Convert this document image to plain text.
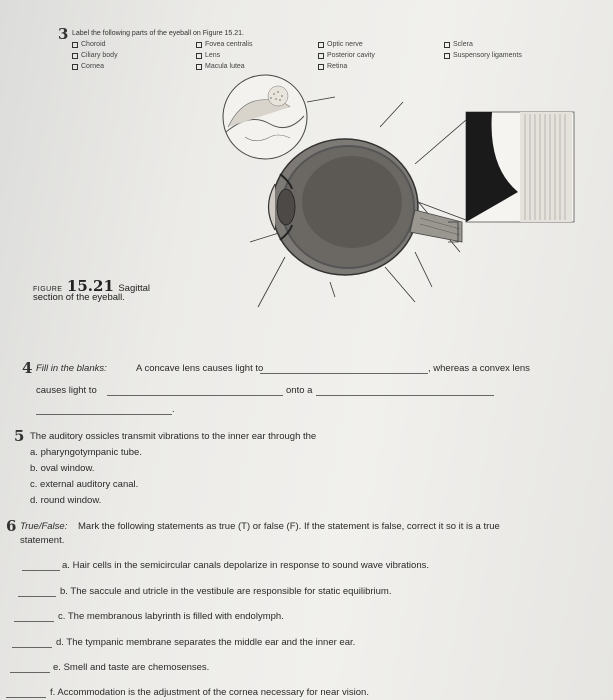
3 Label the following parts of the eyeball on Figure 15.21.
Choroid
Ciliary body
Cornea
Fovea centralis
Lens
Macula lutea
Optic nerve
Posterior cavity
Retina
Sclera
Suspensory ligaments
FIGURE 15.21 Sagittal
section of the eyeball.
4 Fill in the blanks:	A concave lens causes light to	, whereas a convex lens
causes light to	onto a
.
5 The auditory ossicles transmit vibrations to the inner ear through the
a. pharyngotympanic tube.
b. oval window.
c. external auditory canal.
d. round window.
6 True/False: Mark the following statements as true (T) or false (F). If the statement is false, correct it so it is a true
statement.
a. Hair cells in the semicircular canals depolarize in response to sound wave vibrations.
b. The saccule and utricle in the vestibule are responsible for static equilibrium.
c. The membranous labyrinth is filled with endolymph.
d. The tympanic membrane separates the middle ear and the inner ear.
e. Smell and taste are chemosenses.
f. Accommodation is the adjustment of the cornea necessary for near vision.
